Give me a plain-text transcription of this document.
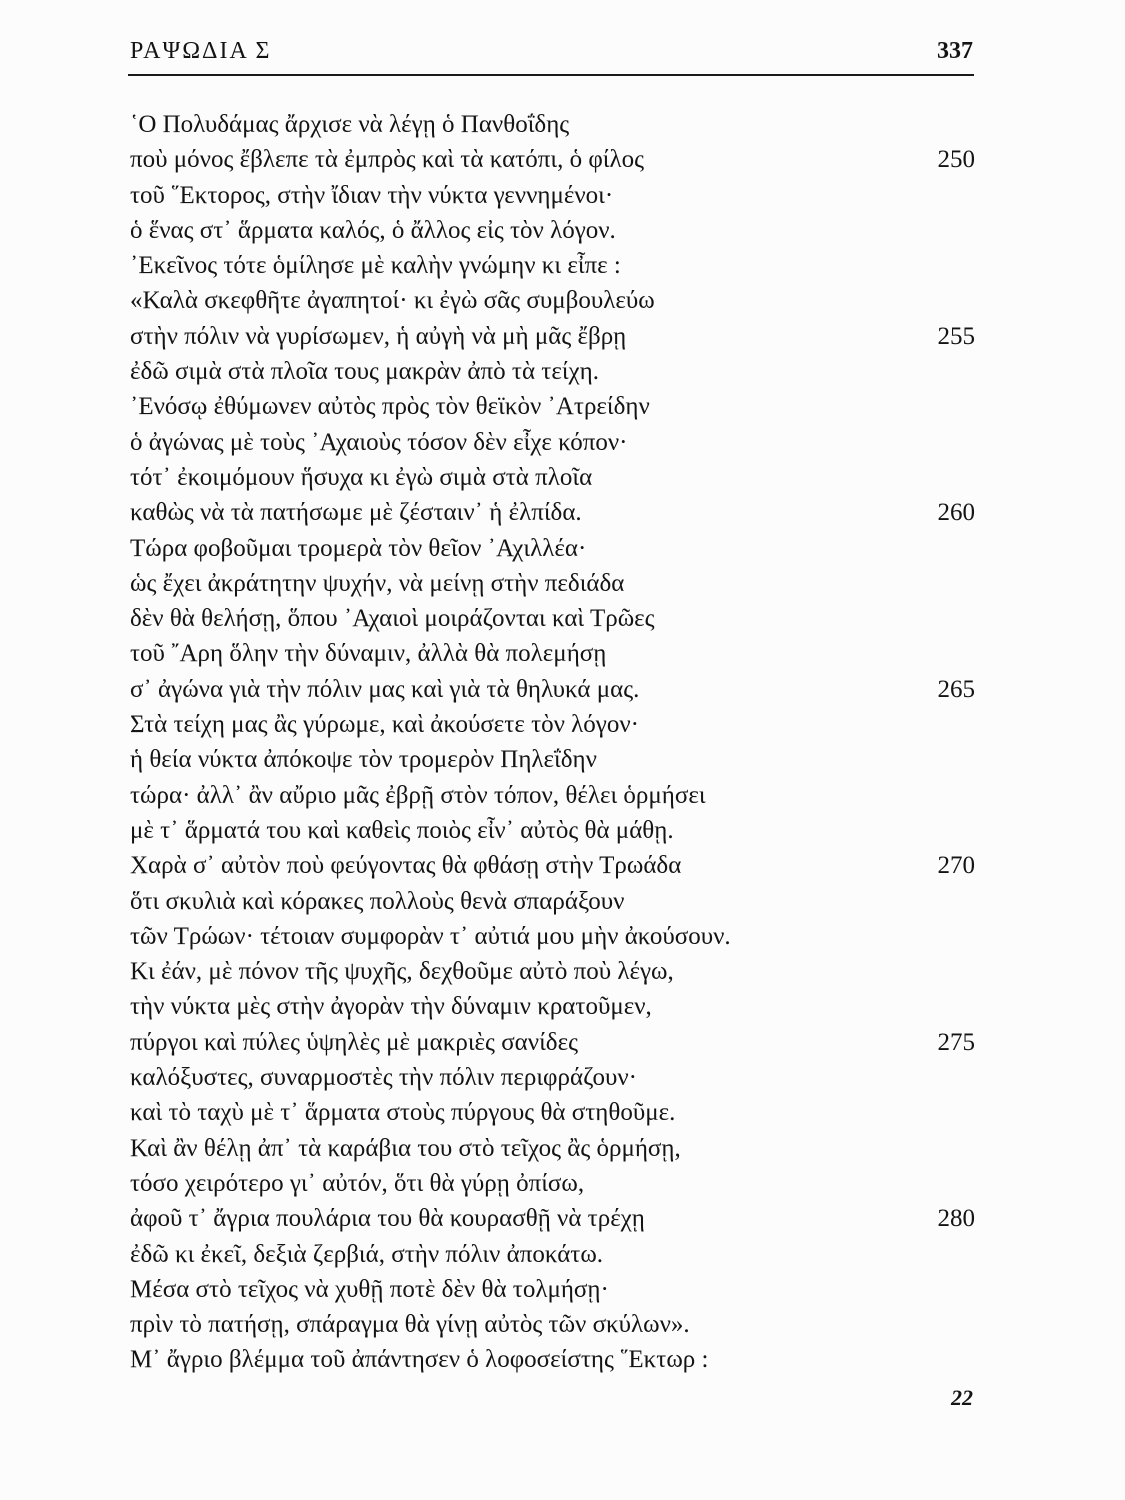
ΡΑΨΩΔΙΑ Σ	337
῾Ο Πολυδάμας ἄρχισε νὰ λέγῃ ὁ Πανθοΐδης
ποὺ μόνος ἔβλεπε τὰ ἐμπρὸς καὶ τὰ κατόπι, ὁ φίλος	250
τοῦ ῞Εκτορος, στὴν ἴδιαν τὴν νύκτα γεννημένοι·
ὁ ἕνας στ᾿ ἅρματα καλός, ὁ ἄλλος εἰς τὸν λόγον.
᾿Εκεῖνος τότε ὁμίλησε μὲ καλὴν γνώμην κι εἶπε :
«Καλὰ σκεφθῆτε ἀγαπητοί· κι ἐγὼ σᾶς συμβουλεύω
στὴν πόλιν νὰ γυρίσωμεν, ἡ αὐγὴ νὰ μὴ μᾶς ἔβρῃ	255
ἐδῶ σιμὰ στὰ πλοῖα τους μακρὰν ἀπὸ τὰ τείχη.
᾿Ενόσῳ ἐθύμωνεν αὐτὸς πρὸς τὸν θεϊκὸν ᾿Ατρείδην
ὁ ἀγώνας μὲ τοὺς ᾿Αχαιοὺς τόσον δὲν εἶχε κόπον·
τότ᾿ ἐκοιμόμουν ἥσυχα κι ἐγὼ σιμὰ στὰ πλοῖα
καθὼς νὰ τὰ πατήσωμε μὲ ζέσταιν᾿ ἡ ἐλπίδα.	260
Τώρα φοβοῦμαι τρομερὰ τὸν θεῖον ᾿Αχιλλέα·
ὡς ἔχει ἀκράτητην ψυχήν, νὰ μείνῃ στὴν πεδιάδα
δὲν θὰ θελήσῃ, ὅπου ᾿Αχαιοὶ μοιράζονται καὶ Τρῶες
τοῦ ῎Αρη ὅλην τὴν δύναμιν, ἀλλὰ θὰ πολεμήσῃ
σ᾿ ἀγώνα γιὰ τὴν πόλιν μας καὶ γιὰ τὰ θηλυκά μας.	265
Στὰ τείχη μας ἂς γύρωμε, καὶ ἀκούσετε τὸν λόγον·
ἡ θεία νύκτα ἀπόκοψε τὸν τρομερὸν Πηλεΐδην
τώρα· ἀλλ᾿ ἂν αὔριο μᾶς ἐβρῇ στὸν τόπον, θέλει ὁρμήσει
μὲ τ᾿ ἅρματά του καὶ καθεὶς ποιὸς εἶν᾿ αὐτὸς θὰ μάθῃ.
Χαρὰ σ᾿ αὐτὸν ποὺ φεύγοντας θὰ φθάσῃ στὴν Τρωάδα	270
ὅτι σκυλιὰ καὶ κόρακες πολλοὺς θενὰ σπαράξουν
τῶν Τρώων· τέτοιαν συμφορὰν τ᾿ αὐτιά μου μὴν ἀκούσουν.
Κι ἐάν, μὲ πόνον τῆς ψυχῆς, δεχθοῦμε αὐτὸ ποὺ λέγω,
τὴν νύκτα μὲς στὴν ἀγορὰν τὴν δύναμιν κρατοῦμεν,
πύργοι καὶ πύλες ὑψηλὲς μὲ μακριὲς σανίδες	275
καλόξυστες, συναρμοστὲς τὴν πόλιν περιφράζουν·
καὶ τὸ ταχὺ μὲ τ᾿ ἅρματα στοὺς πύργους θὰ στηθοῦμε.
Καὶ ἂν θέλῃ ἀπ᾿ τὰ καράβια του στὸ τεῖχος ἂς ὁρμήσῃ,
τόσο χειρότερο γι᾿ αὐτόν, ὅτι θὰ γύρῃ ὀπίσω,
ἀφοῦ τ᾿ ἄγρια πουλάρια του θὰ κουρασθῇ νὰ τρέχῃ	280
ἐδῶ κι ἐκεῖ, δεξιὰ ζερβιά, στὴν πόλιν ἀποκάτω.
Μέσα στὸ τεῖχος νὰ χυθῇ ποτὲ δὲν θὰ τολμήσῃ·
πρὶν τὸ πατήσῃ, σπάραγμα θὰ γίνῃ αὐτὸς τῶν σκύλων».
Μ᾿ ἄγριο βλέμμα τοῦ ἀπάντησεν ὁ λοφοσείστης ῞Εκτωρ :
22
